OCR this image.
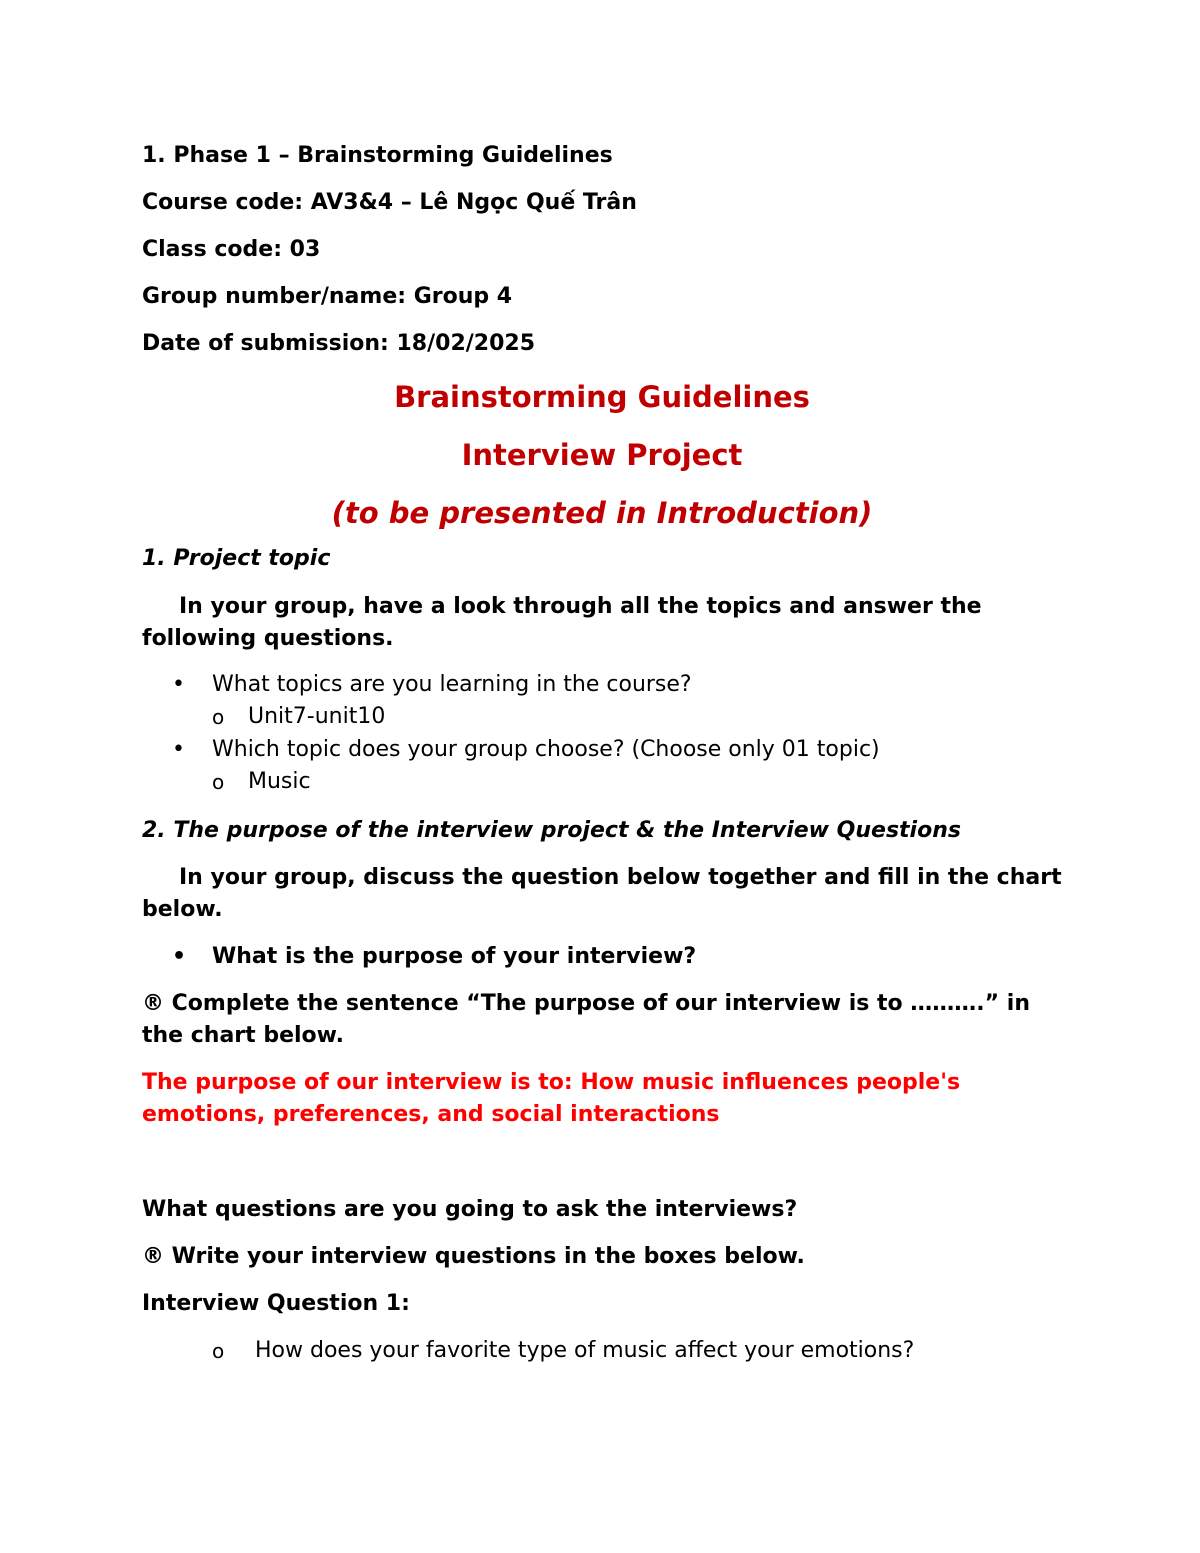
1. Phase 1 – Brainstorming Guidelines

Course code: AV3&4 – Lê Ngọc Quế Trân

Class code: 03

Group number/name: Group 4

Date of submission: 18/02/2025

Brainstorming Guidelines

Interview Project

(to be presented in Introduction)

1. Project topic

In your group, have a look through all the topics and answer the following questions.

• What topics are you learning in the course?
o Unit7-unit10
• Which topic does your group choose? (Choose only 01 topic)
o Music

2. The purpose of the interview project & the Interview Questions

In your group, discuss the question below together and fill in the chart below.

• What is the purpose of your interview?

® Complete the sentence “The purpose of our interview is to ……….” in the chart below.

The purpose of our interview is to: How music influences people's emotions, preferences, and social interactions

What questions are you going to ask the interviews?

® Write your interview questions in the boxes below.

Interview Question 1:

o How does your favorite type of music affect your emotions?
